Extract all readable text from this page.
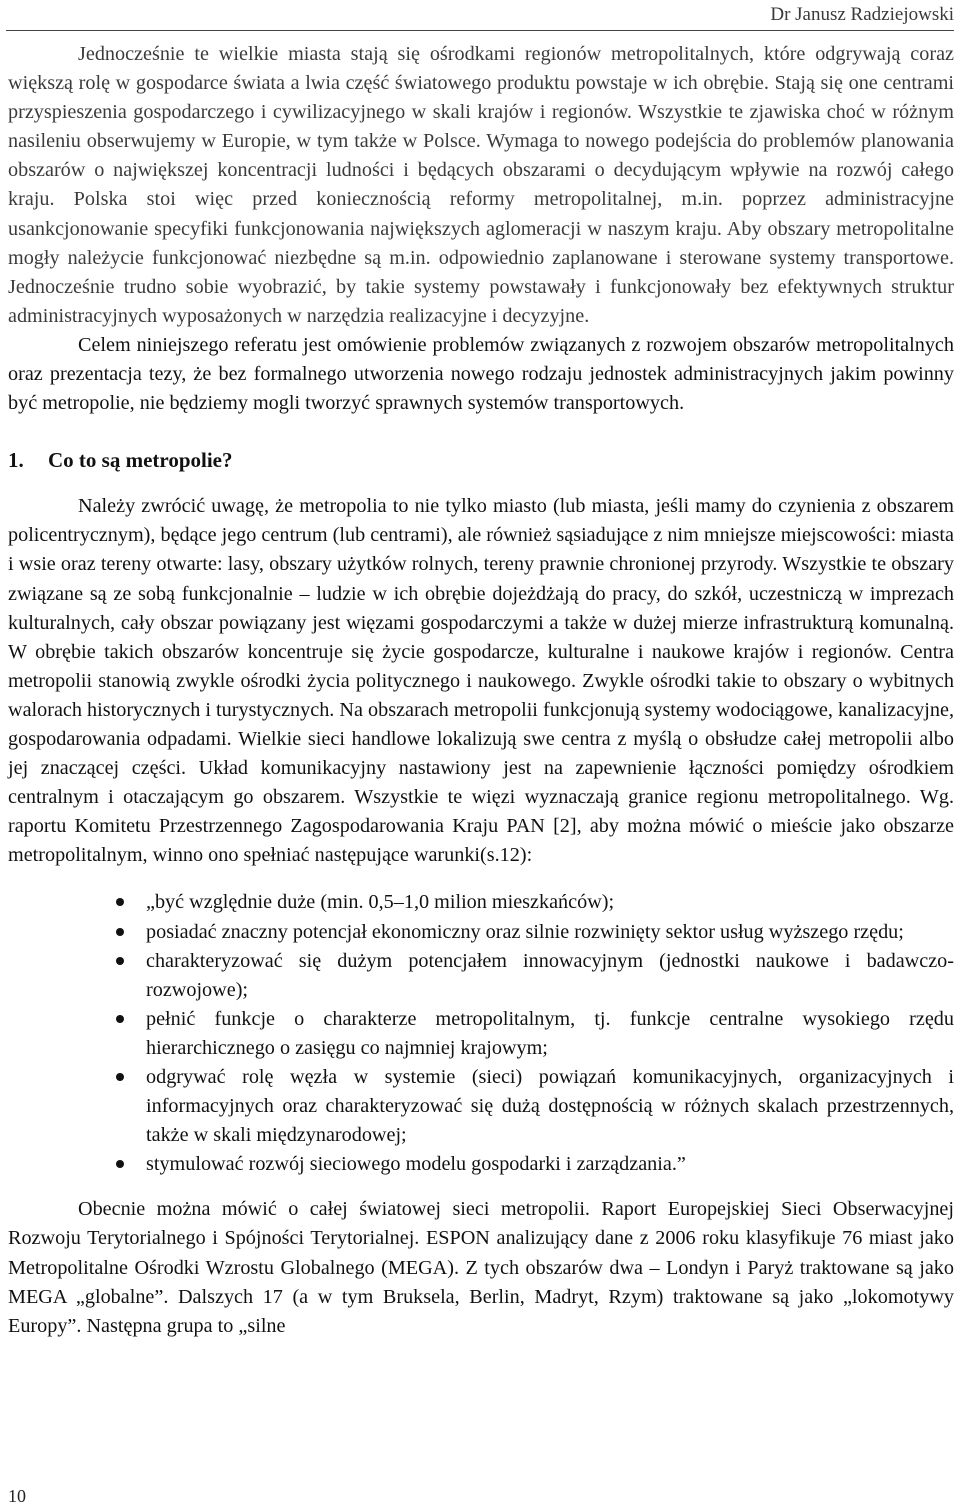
Dr Janusz Radziejowski

Jednocześnie te wielkie miasta stają się ośrodkami regionów metropolitalnych, które odgrywają coraz większą rolę w gospodarce świata a lwia część światowego produktu powstaje w ich obrębie. Stają się one centrami przyspieszenia gospodarczego i cywilizacyjnego w skali krajów i regionów. Wszystkie te zjawiska choć w różnym nasileniu obserwujemy w Europie, w tym także w Polsce. Wymaga to nowego podejścia do problemów planowania obszarów o największej koncentracji ludności i będących obszarami o decydującym wpływie na rozwój całego kraju. Polska stoi więc przed koniecznością reformy metropolitalnej, m.in. poprzez administracyjne usankcjonowanie specyfiki funkcjonowania największych aglomeracji w naszym kraju. Aby obszary metropolitalne mogły należycie funkcjonować niezbędne są m.in. odpowiednio zaplanowane i sterowane systemy transportowe. Jednocześnie trudno sobie wyobrazić, by takie systemy powstawały i funkcjonowały bez efektywnych struktur administracyjnych wyposażonych w narzędzia realizacyjne i decyzyjne.

Celem niniejszego referatu jest omówienie problemów związanych z rozwojem obszarów metropolitalnych oraz prezentacja tezy, że bez formalnego utworzenia nowego rodzaju jednostek administracyjnych jakim powinny być metropolie, nie będziemy mogli tworzyć sprawnych systemów transportowych.

1. Co to są metropolie?

Należy zwrócić uwagę, że metropolia to nie tylko miasto (lub miasta, jeśli mamy do czynienia z obszarem policentrycznym), będące jego centrum (lub centrami), ale również sąsiadujące z nim mniejsze miejscowości: miasta i wsie oraz tereny otwarte: lasy, obszary użytków rolnych, tereny prawnie chronionej przyrody. Wszystkie te obszary związane są ze sobą funkcjonalnie – ludzie w ich obrębie dojeżdżają do pracy, do szkół, uczestniczą w imprezach kulturalnych, cały obszar powiązany jest więzami gospodarczymi a także w dużej mierze infrastrukturą komunalną. W obrębie takich obszarów koncentruje się życie gospodarcze, kulturalne i naukowe krajów i regionów. Centra metropolii stanowią zwykle ośrodki życia politycznego i naukowego. Zwykle ośrodki takie to obszary o wybitnych walorach historycznych i turystycznych. Na obszarach metropolii funkcjonują systemy wodociągowe, kanalizacyjne, gospodarowania odpadami. Wielkie sieci handlowe lokalizują swe centra z myślą o obsłudze całej metropolii albo jej znaczącej części. Układ komunikacyjny nastawiony jest na zapewnienie łączności pomiędzy ośrodkiem centralnym i otaczającym go obszarem. Wszystkie te więzi wyznaczają granice regionu metropolitalnego. Wg. raportu Komitetu Przestrzennego Zagospodarowania Kraju PAN [2], aby można mówić o mieście jako obszarze metropolitalnym, winno ono spełniać następujące warunki(s.12):

„być względnie duże (min. 0,5–1,0 milion mieszkańców);
posiadać znaczny potencjał ekonomiczny oraz silnie rozwinięty sektor usług wyższego rzędu;
charakteryzować się dużym potencjałem innowacyjnym (jednostki naukowe i badawczo-rozwojowe);
pełnić funkcje o charakterze metropolitalnym, tj. funkcje centralne wysokiego rzędu hierarchicznego o zasięgu co najmniej krajowym;
odgrywać rolę węzła w systemie (sieci) powiązań komunikacyjnych, organizacyjnych i informacyjnych oraz charakteryzować się dużą dostępnością w różnych skalach przestrzennych, także w skali międzynarodowej;
stymulować rozwój sieciowego modelu gospodarki i zarządzania.”

Obecnie można mówić o całej światowej sieci metropolii. Raport Europejskiej Sieci Obserwacyjnej Rozwoju Terytorialnego i Spójności Terytorialnej. ESPON analizujący dane z 2006 roku klasyfikuje 76 miast jako Metropolitalne Ośrodki Wzrostu Globalnego (MEGA). Z tych obszarów dwa – Londyn i Paryż traktowane są jako MEGA „globalne”. Dalszych 17 (a w tym Bruksela, Berlin, Madryt, Rzym) traktowane są jako „lokomotywy Europy”. Następna grupa to „silne

10
